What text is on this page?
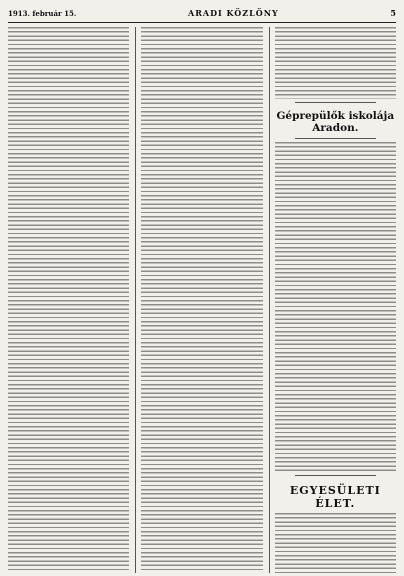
1913. február 15.	ARADI KÖZLÖNY	5
Géprepülők iskolája Aradon.
EGYESÜLETI ÉLET.
